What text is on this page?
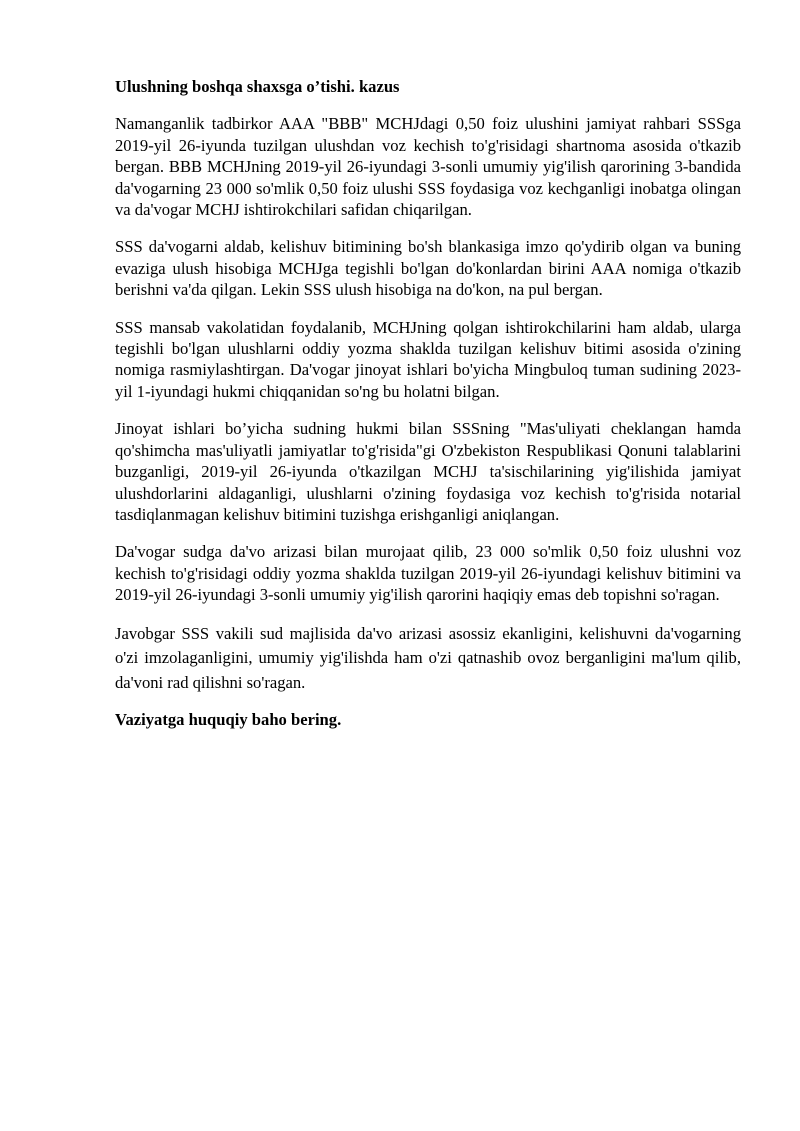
Ulushning boshqa shaxsga o’tishi. kazus

Namanganlik tadbirkor AAA "BBB" MCHJdagi 0,50 foiz ulushini jamiyat rahbari SSSga 2019-yil 26-iyunda tuzilgan ulushdan voz kechish to'g'risidagi shartnoma asosida o'tkazib bergan. BBB MCHJning 2019-yil 26-iyundagi 3-sonli umumiy yig'ilish qarorining 3-bandida da'vogarning 23 000 so'mlik 0,50 foiz ulushi SSS foydasiga voz kechganligi inobatga olingan va da'vogar MCHJ ishtirokchilari safidan chiqarilgan.

SSS da'vogarni aldab, kelishuv bitimining bo'sh blankasiga imzo qo'ydirib olgan va buning evaziga ulush hisobiga MCHJga tegishli bo'lgan do'konlardan birini AAA nomiga o'tkazib berishni va'da qilgan. Lekin SSS ulush hisobiga na do'kon, na pul bergan.

SSS mansab vakolatidan foydalanib, MCHJning qolgan ishtirokchilarini ham aldab, ularga tegishli bo'lgan ulushlarni oddiy yozma shaklda tuzilgan kelishuv bitimi asosida o'zining nomiga rasmiylashtirgan. Da'vogar jinoyat ishlari bo'yicha Mingbuloq tuman sudining 2023-yil 1-iyundagi hukmi chiqqanidan so'ng bu holatni bilgan.

Jinoyat ishlari bo’yicha sudning hukmi bilan SSSning "Mas'uliyati cheklangan hamda qo'shimcha mas'uliyatli jamiyatlar to'g'risida"gi O'zbekiston Respublikasi Qonuni talablarini buzganligi, 2019-yil 26-iyunda o'tkazilgan MCHJ ta'sischilarining yig'ilishida jamiyat ulushdorlarini aldaganligi, ulushlarni o'zining foydasiga voz kechish to'g'risida notarial tasdiqlanmagan kelishuv bitimini tuzishga erishganligi aniqlangan.

Da'vogar sudga da'vo arizasi bilan murojaat qilib, 23 000 so'mlik 0,50 foiz ulushni voz kechish to'g'risidagi oddiy yozma shaklda tuzilgan 2019-yil 26-iyundagi kelishuv bitimini va 2019-yil 26-iyundagi 3-sonli umumiy yig'ilish qarorini haqiqiy emas deb topishni so'ragan.

Javobgar SSS vakili sud majlisida da'vo arizasi asossiz ekanligini, kelishuvni da'vogarning o'zi imzolaganligini, umumiy yig'ilishda ham o'zi qatnashib ovoz berganligini ma'lum qilib, da'voni rad qilishni so'ragan.

Vaziyatga huquqiy baho bering.
